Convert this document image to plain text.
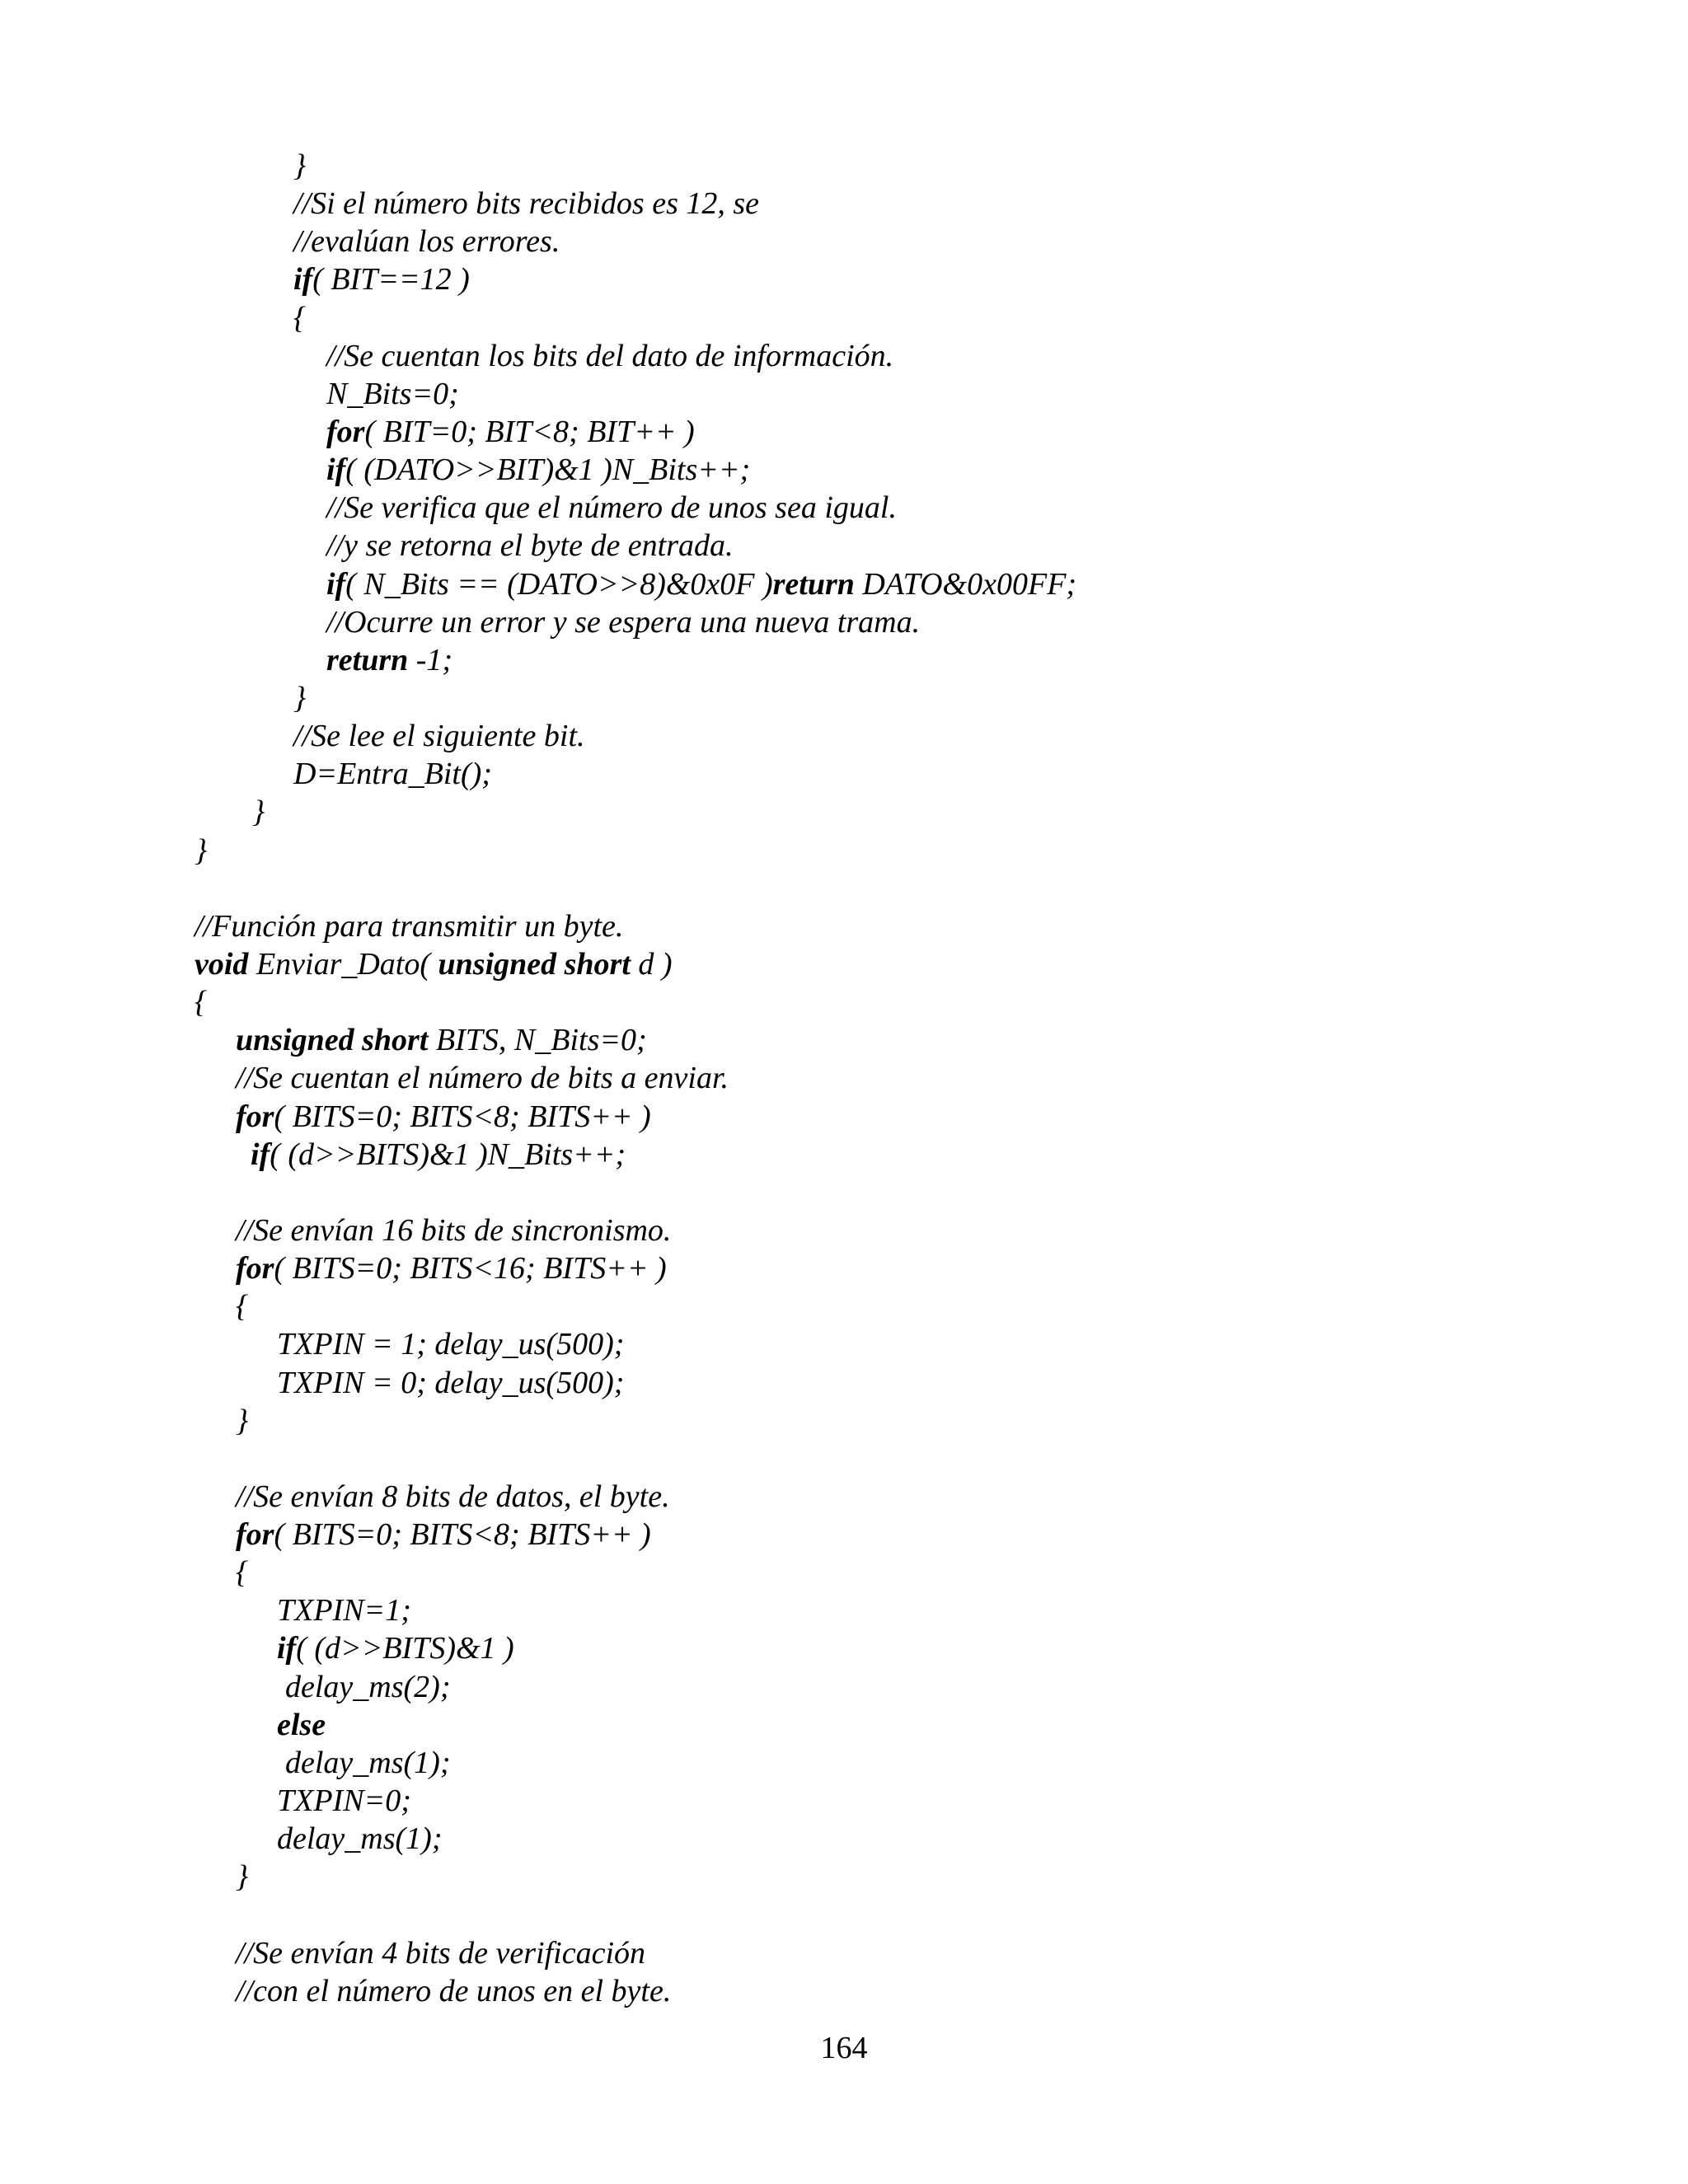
}
//Si el número bits recibidos es 12, se
//evalúan los errores.
if( BIT==12 )
{
//Se cuentan los bits del dato de información.
N_Bits=0;
for( BIT=0; BIT<8; BIT++ )
if( (DATO>>BIT)&1 )N_Bits++;
//Se verifica que el número de unos sea igual.
//y se retorna el byte de entrada.
if( N_Bits == (DATO>>8)&0x0F )return DATO&0x00FF;
//Ocurre un error y se espera una nueva trama.
return -1;
}
//Se lee el siguiente bit.
D=Entra_Bit();
}
}
//Función para transmitir un byte.
void Enviar_Dato( unsigned short d )
{
unsigned short BITS, N_Bits=0;
//Se cuentan el número de bits a enviar.
for( BITS=0; BITS<8; BITS++ )
if( (d>>BITS)&1 )N_Bits++;
//Se envían 16 bits de sincronismo.
for( BITS=0; BITS<16; BITS++ )
{
TXPIN = 1; delay_us(500);
TXPIN = 0; delay_us(500);
}
//Se envían 8 bits de datos, el byte.
for( BITS=0; BITS<8; BITS++ )
{
TXPIN=1;
if( (d>>BITS)&1 )
delay_ms(2);
else
delay_ms(1);
TXPIN=0;
delay_ms(1);
}
//Se envían 4 bits de verificación
//con el número de unos en el byte.
164
